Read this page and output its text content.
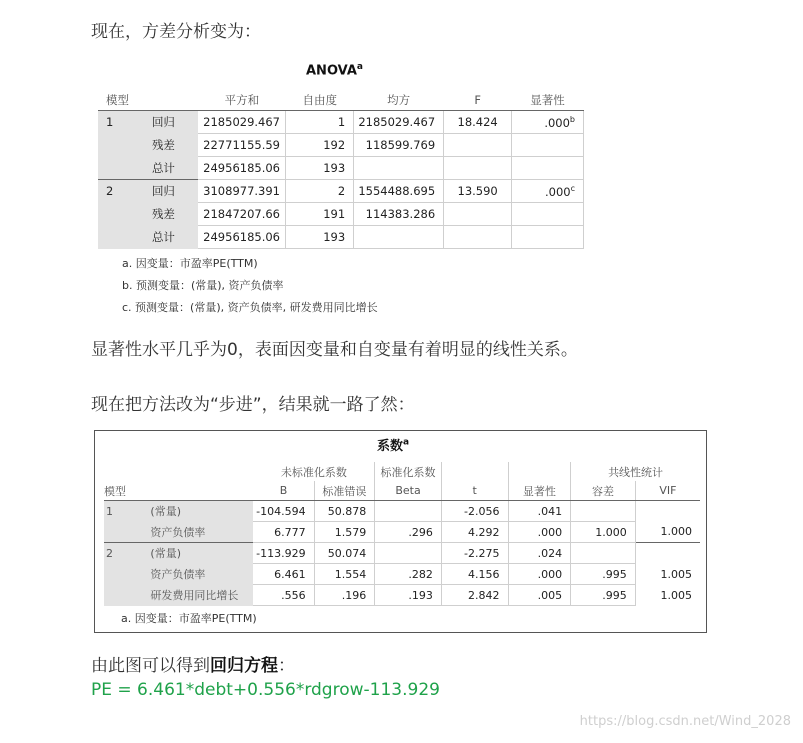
现在，方差分析变为：
ANOVA$^a$
模型		平方和	自由度	均方	F	显著性
1	回归	2185029.467	1	2185029.467	18.424	.000$^b$
	残差	22771155.59	192	118599.769		
	总计	24956185.06	193			
2	回归	3108977.391	2	1554488.695	13.590	.000$^c$
	残差	21847207.66	191	114383.286		
	总计	24956185.06	193			
a. 因变量：市盈率PE(TTM)
b. 预测变量：(常量), 资产负债率
c. 预测变量：(常量), 资产负债率, 研发费用同比增长
显著性水平几乎为0，表面因变量和自变量有着明显的线性关系。
现在把方法改为“步进”，结果就一路了然：
系数$^a$
		未标准化系数		标准化系数			共线性统计	
模型		B	标准错误	Beta	t	显著性	容差	VIF
1	(常量)	-104.594	50.878		-2.056	.041		
	资产负债率	6.777	1.579	.296	4.292	.000	1.000	1.000
2	(常量)	-113.929	50.074		-2.275	.024		
	资产负债率	6.461	1.554	.282	4.156	.000	.995	1.005
	研发费用同比增长	.556	.196	.193	2.842	.005	.995	1.005
a. 因变量：市盈率PE(TTM)
由此图可以得到回归方程：
PE = 6.461*debt+0.556*rdgrow-113.929
https://blog.csdn.net/Wind_2028
